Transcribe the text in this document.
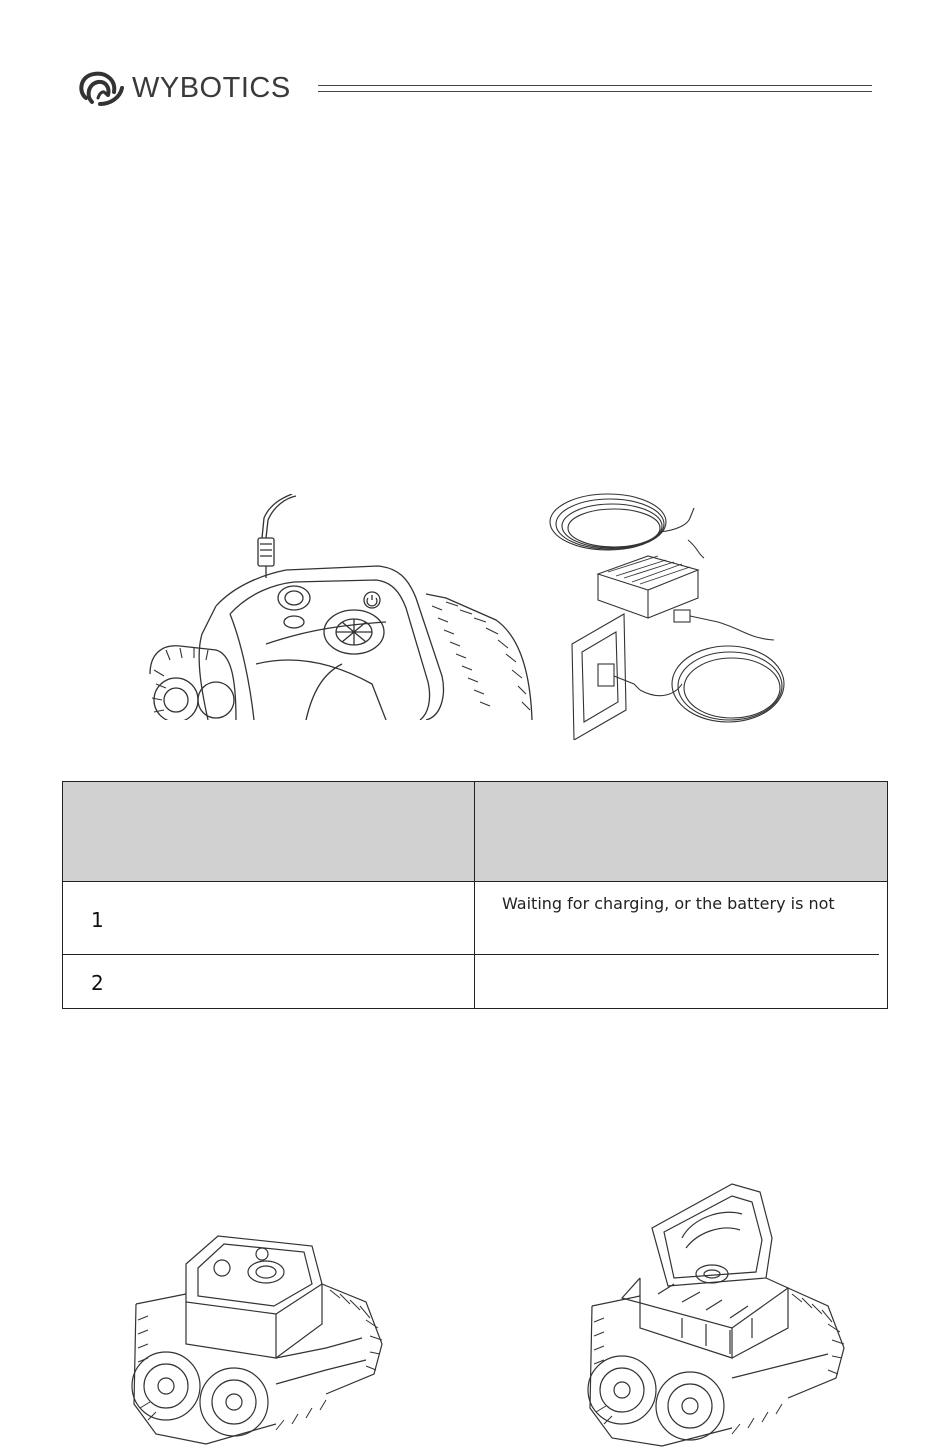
WYBOTICS
1
2
Waiting for charging, or the battery is not
